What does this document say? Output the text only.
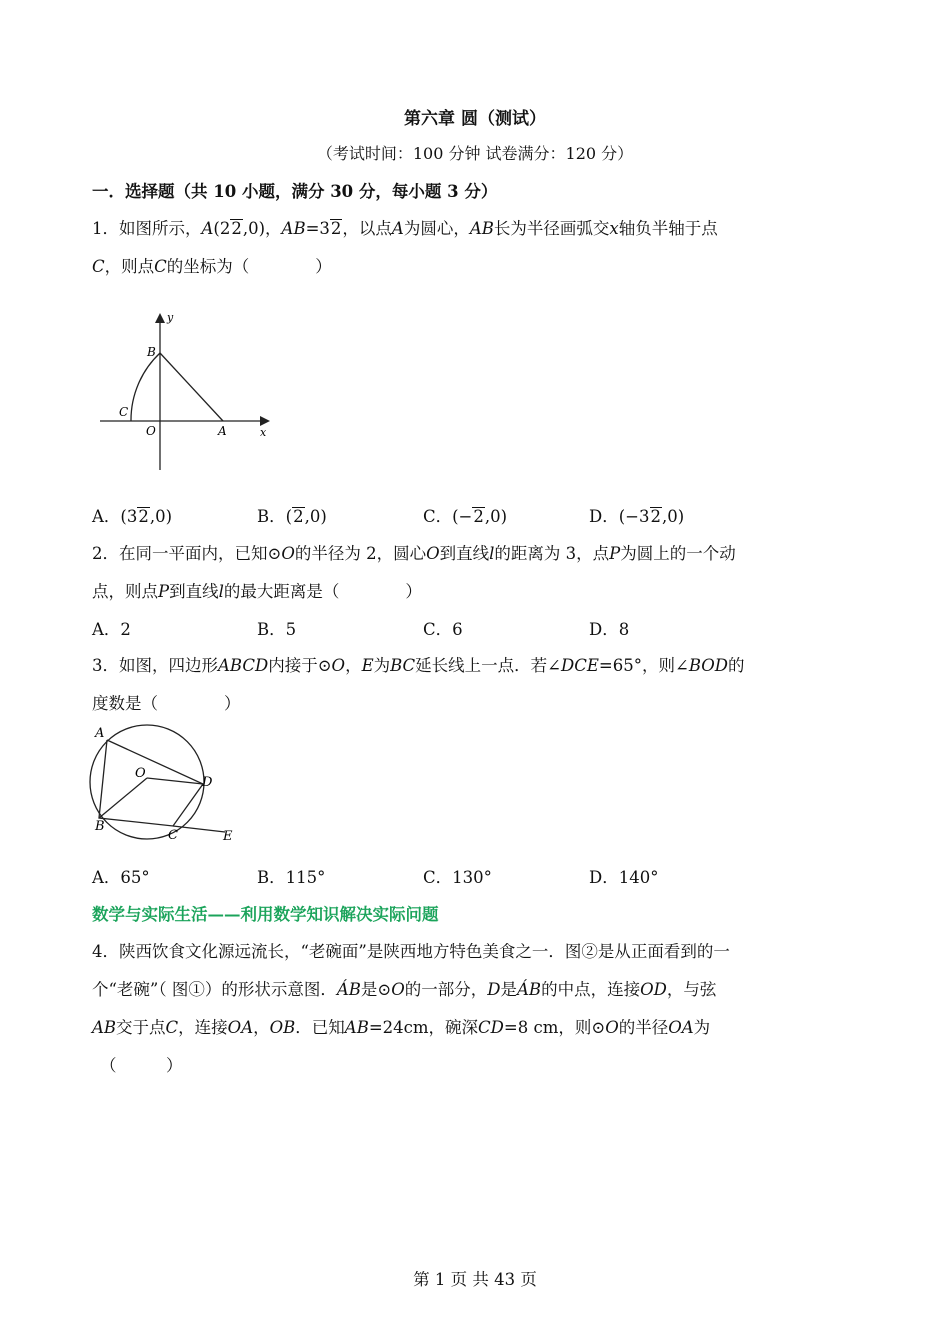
第六章 圆（测试）
（考试时间：100 分钟 试卷满分：120 分）
一．选择题（共 10 小题，满分 30 分，每小题 3 分）
1．如图所示，A(22,0)，AB=32，以点A为圆心，AB长为半径画弧交x轴负半轴于点
C，则点C的坐标为（　　　　）
y
B
C
O	A	x
A．(32,0)	B．(2,0)	C．(−2,0)	D．(−32,0)
2．在同一平面内，已知⊙O的半径为 2，圆心O到直线l的距离为 3，点P为圆上的一个动
点，则点P到直线l的最大距离是（　　　　）
A．2	B．5	C．6	D．8
3．如图，四边形ABCD内接于⊙O，E为BC延长线上一点．若∠DCE=65°，则∠BOD的
度数是（　　　　）
A
O
D
B
C	E
A．65°	B．115°	C．130°	D．140°
数学与实际生活——利用数学知识解决实际问题
4．陕西饮食文化源远流长，“老碗面”是陕西地方特色美食之一．图②是从正面看到的一
个“老碗”（ 图①）的形状示意图．ÁB是⊙O的一部分，D是ÁB的中点，连接OD，与弦
AB交于点C，连接OA，OB．已知AB=24cm，碗深CD=8 cm，则⊙O的半径OA为
（　　　）
第 1 页 共 43 页
